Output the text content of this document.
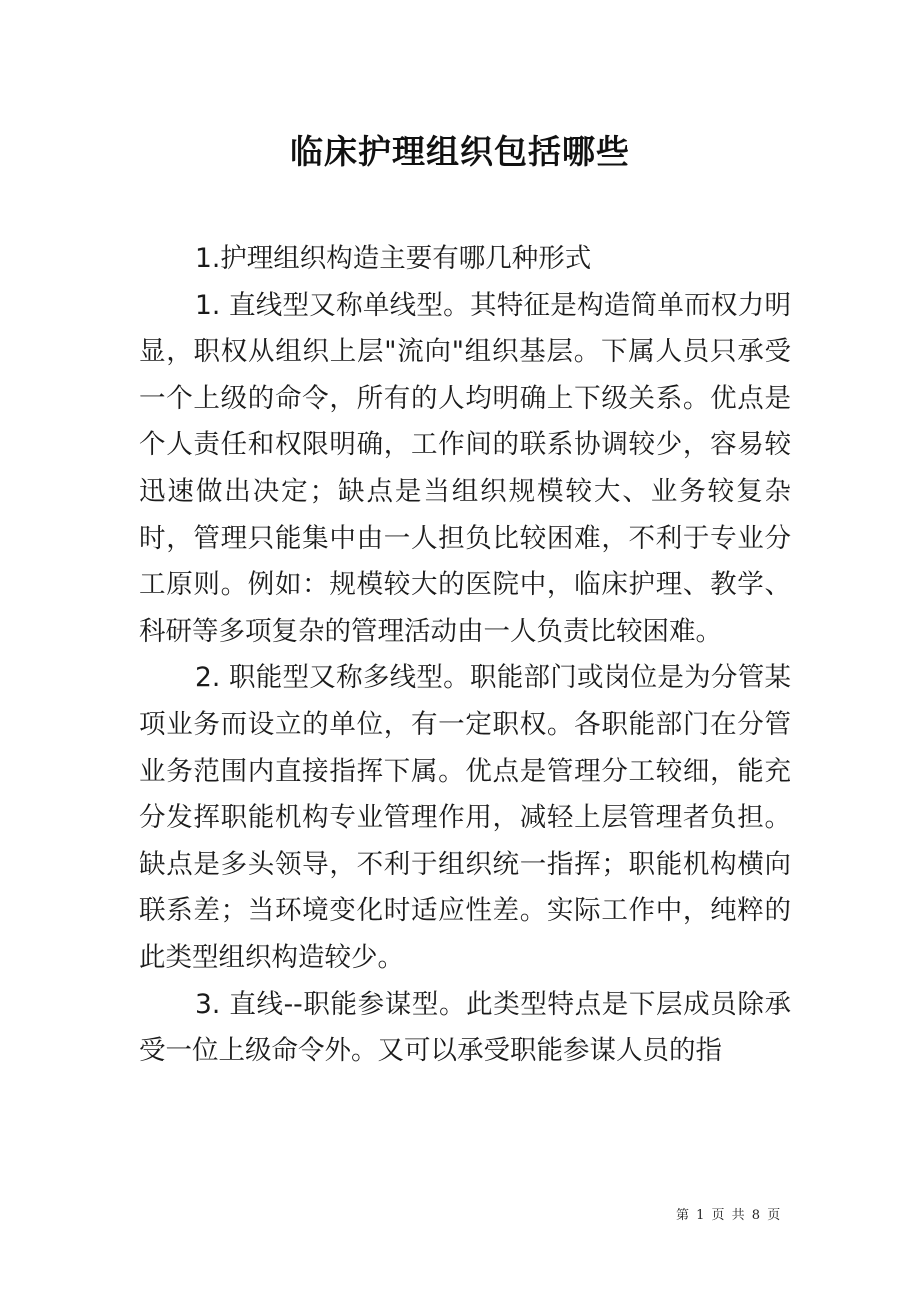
临床护理组织包括哪些

1.护理组织构造主要有哪几种形式

1. 直线型又称单线型。其特征是构造简单而权力明显，职权从组织上层"流向"组织基层。下属人员只承受一个上级的命令，所有的人均明确上下级关系。优点是个人责任和权限明确，工作间的联系协调较少，容易较迅速做出决定；缺点是当组织规模较大、业务较复杂时，管理只能集中由一人担负比较困难，不利于专业分工原则。例如：规模较大的医院中，临床护理、教学、科研等多项复杂的管理活动由一人负责比较困难。

2. 职能型又称多线型。职能部门或岗位是为分管某项业务而设立的单位，有一定职权。各职能部门在分管业务范围内直接指挥下属。优点是管理分工较细，能充分发挥职能机构专业管理作用，减轻上层管理者负担。缺点是多头领导，不利于组织统一指挥；职能机构横向联系差；当环境变化时适应性差。实际工作中，纯粹的此类型组织构造较少。

3. 直线--职能参谋型。此类型特点是下层成员除承受一位上级命令外。又可以承受职能参谋人员的指

第 1 页 共 8 页
